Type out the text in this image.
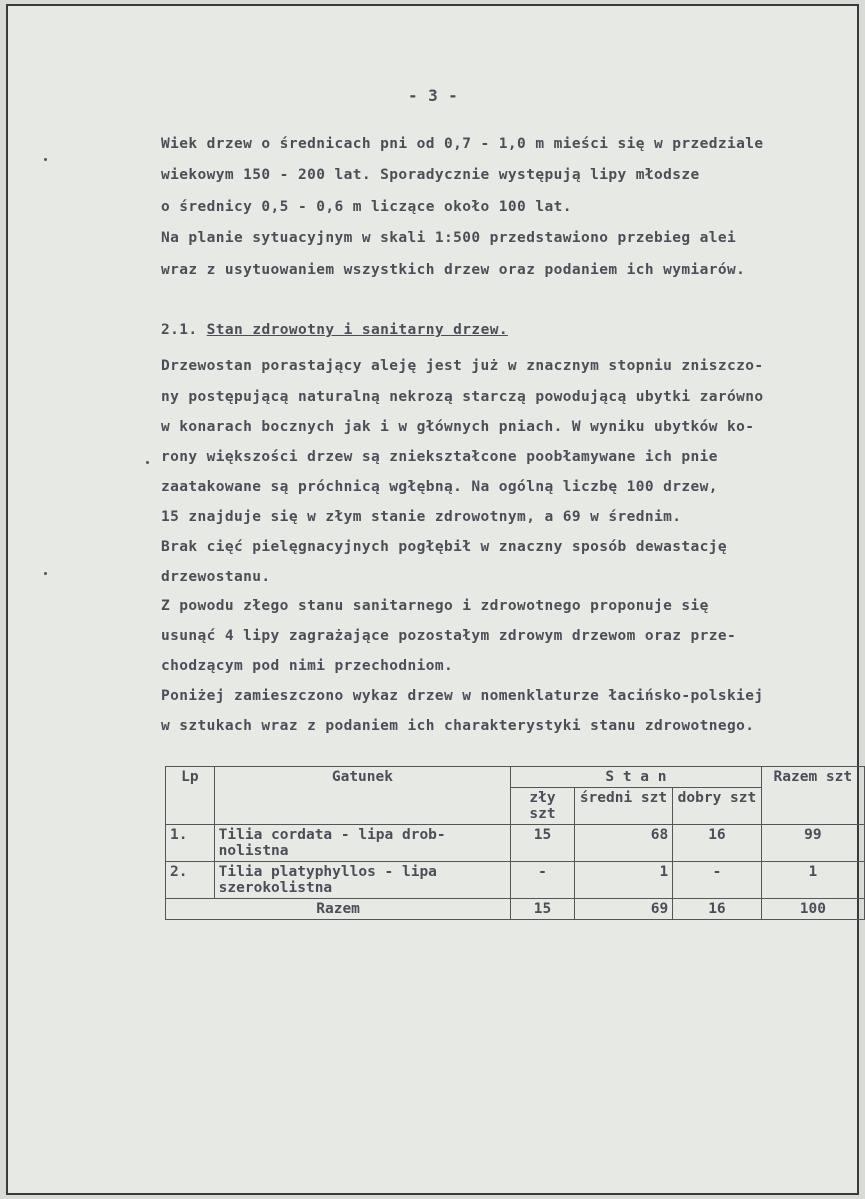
- 3 -
Wiek drzew o średnicach pni od 0,7 - 1,0 m mieści się w przedziale
wiekowym 150 - 200 lat. Sporadycznie występują lipy młodsze
o średnicy 0,5 - 0,6 m liczące około 100 lat.
Na planie sytuacyjnym w skali 1:500 przedstawiono przebieg alei
wraz z usytuowaniem wszystkich drzew oraz podaniem ich wymiarów.
2.1. Stan zdrowotny i sanitarny drzew.
Drzewostan porastający aleję jest już w znacznym stopniu zniszczo-
ny postępującą naturalną nekrozą starczą powodującą ubytki zarówno
w konarach bocznych jak i w głównych pniach. W wyniku ubytków ko-
rony większości drzew są zniekształcone poobłamywane ich pnie
zaatakowane są próchnicą wgłębną. Na ogólną liczbę 100 drzew,
15 znajduje się w złym stanie zdrowotnym, a 69 w średnim.
Brak cięć pielęgnacyjnych pogłębił w znaczny sposób dewastację
drzewostanu.
Z powodu złego stanu sanitarnego i zdrowotnego proponuje się
usunąć 4 lipy zagrażające pozostałym zdrowym drzewom oraz prze-
chodzącym pod nimi przechodniom.
Poniżej zamieszczono wykaz drzew w nomenklaturze łacińsko-polskiej
w sztukach wraz z podaniem ich charakterystyki stanu zdrowotnego.
Lp	Gatunek	S t a n			Razem szt
		zły szt	średni szt	dobry szt	
1.	Tilia cordata - lipa drob-nolistna	15	68	16	99
2.	Tilia platyphyllos - lipa szerokolistna	-	1	-	1
Razem		15	69	16	100
